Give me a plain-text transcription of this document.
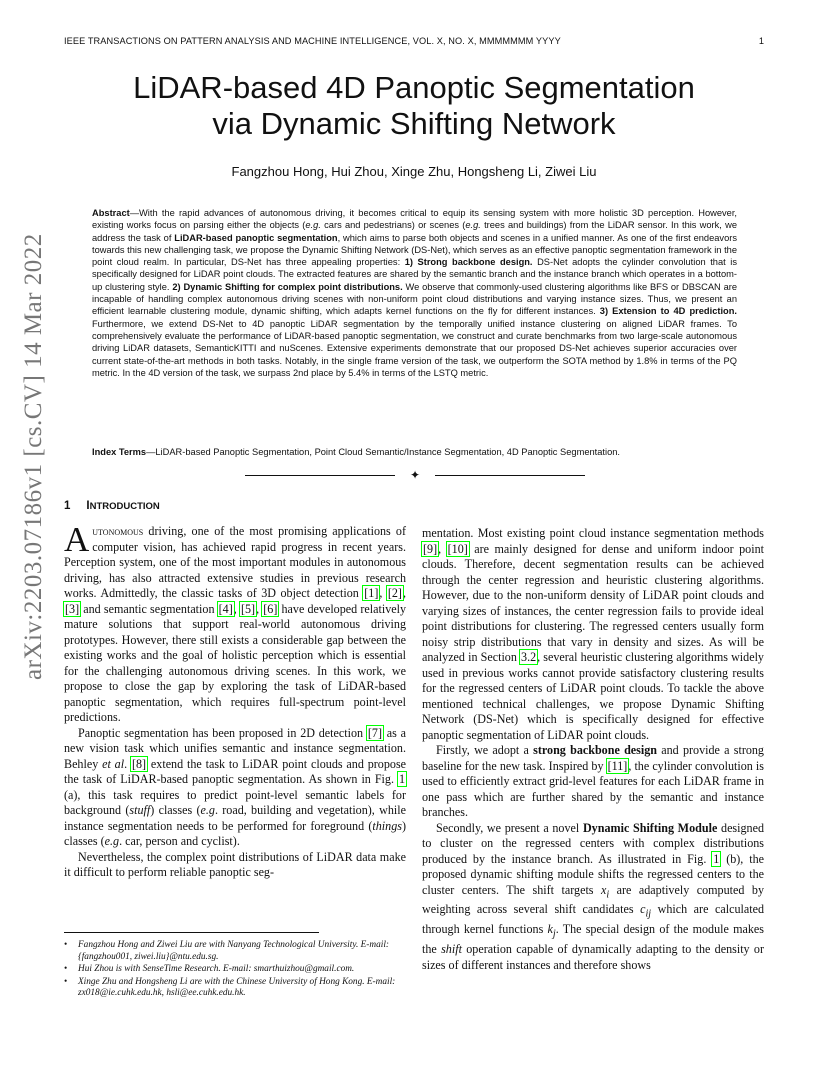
IEEE TRANSACTIONS ON PATTERN ANALYSIS AND MACHINE INTELLIGENCE, VOL. X, NO. X, MMMMMMM YYYY	1
arXiv:2203.07186v1 [cs.CV] 14 Mar 2022
LiDAR-based 4D Panoptic Segmentation
via Dynamic Shifting Network
Fangzhou Hong, Hui Zhou, Xinge Zhu, Hongsheng Li, Ziwei Liu
Abstract—With the rapid advances of autonomous driving, it becomes critical to equip its sensing system with more holistic 3D perception. However, existing works focus on parsing either the objects (e.g. cars and pedestrians) or scenes (e.g. trees and buildings) from the LiDAR sensor. In this work, we address the task of LiDAR-based panoptic segmentation, which aims to parse both objects and scenes in a unified manner. As one of the first endeavors towards this new challenging task, we propose the Dynamic Shifting Network (DS-Net), which serves as an effective panoptic segmentation framework in the point cloud realm. In particular, DS-Net has three appealing properties: 1) Strong backbone design. DS-Net adopts the cylinder convolution that is specifically designed for LiDAR point clouds. The extracted features are shared by the semantic branch and the instance branch which operates in a bottom-up clustering style. 2) Dynamic Shifting for complex point distributions. We observe that commonly-used clustering algorithms like BFS or DBSCAN are incapable of handling complex autonomous driving scenes with non-uniform point cloud distributions and varying instance sizes. Thus, we present an efficient learnable clustering module, dynamic shifting, which adapts kernel functions on the fly for different instances. 3) Extension to 4D prediction. Furthermore, we extend DS-Net to 4D panoptic LiDAR segmentation by the temporally unified instance clustering on aligned LiDAR frames. To comprehensively evaluate the performance of LiDAR-based panoptic segmentation, we construct and curate benchmarks from two large-scale autonomous driving LiDAR datasets, SemanticKITTI and nuScenes. Extensive experiments demonstrate that our proposed DS-Net achieves superior accuracies over current state-of-the-art methods in both tasks. Notably, in the single frame version of the task, we outperform the SOTA method by 1.8% in terms of the PQ metric. In the 4D version of the task, we surpass 2nd place by 5.4% in terms of the LSTQ metric.
Index Terms—LiDAR-based Panoptic Segmentation, Point Cloud Semantic/Instance Segmentation, 4D Panoptic Segmentation.
✦
1 INTRODUCTION

Autonomous driving, one of the most promising applications of computer vision, has achieved rapid progress in recent years. Perception system, one of the most important modules in autonomous driving, has also attracted extensive studies in previous research works. Admittedly, the classic tasks of 3D object detection [1], [2], [3] and semantic segmentation [4], [5], [6] have developed relatively mature solutions that support real-world autonomous driving prototypes. However, there still exists a considerable gap between the existing works and the goal of holistic perception which is essential for the challenging autonomous driving scenes. In this work, we propose to close the gap by exploring the task of LiDAR-based panoptic segmentation, which requires full-spectrum point-level predictions.

Panoptic segmentation has been proposed in 2D detection [7] as a new vision task which unifies semantic and instance segmentation. Behley et al. [8] extend the task to LiDAR point clouds and propose the task of LiDAR-based panoptic segmentation. As shown in Fig. 1 (a), this task requires to predict point-level semantic labels for background (stuff) classes (e.g. road, building and vegetation), while instance segmentation needs to be performed for foreground (things) classes (e.g. car, person and cyclist).

Nevertheless, the complex point distributions of LiDAR data make it difficult to perform reliable panoptic seg-

mentation. Most existing point cloud instance segmentation methods [9], [10] are mainly designed for dense and uniform indoor point clouds. Therefore, decent segmentation results can be achieved through the center regression and heuristic clustering algorithms. However, due to the non-uniform density of LiDAR point clouds and varying sizes of instances, the center regression fails to provide ideal point distributions for clustering. The regressed centers usually form noisy strip distributions that vary in density and sizes. As will be analyzed in Section 3.2, several heuristic clustering algorithms widely used in previous works cannot provide satisfactory clustering results for the regressed centers of LiDAR point clouds. To tackle the above mentioned technical challenges, we propose Dynamic Shifting Network (DS-Net) which is specifically designed for effective panoptic segmentation of LiDAR point clouds.

Firstly, we adopt a strong backbone design and provide a strong baseline for the new task. Inspired by [11], the cylinder convolution is used to efficiently extract grid-level features for each LiDAR frame in one pass which are further shared by the semantic and instance branches.

Secondly, we present a novel Dynamic Shifting Module designed to cluster on the regressed centers with complex distributions produced by the instance branch. As illustrated in Fig. 1 (b), the proposed dynamic shifting module shifts the regressed centers to the cluster centers. The shift targets $x_i$ are adaptively computed by weighting across several shift candidates $c_{ij}$ which are calculated through kernel functions $k_j$. The special design of the module makes the shift operation capable of dynamically adapting to the density or sizes of different instances and therefore shows

• Fangzhou Hong and Ziwei Liu are with Nanyang Technological University. E-mail: {fangzhou001, ziwei.liu}@ntu.edu.sg.
• Hui Zhou is with SenseTime Research. E-mail: smarthuizhou@gmail.com.
• Xinge Zhu and Hongsheng Li are with the Chinese University of Hong Kong. E-mail: zx018@ie.cuhk.edu.hk, hsli@ee.cuhk.edu.hk.
